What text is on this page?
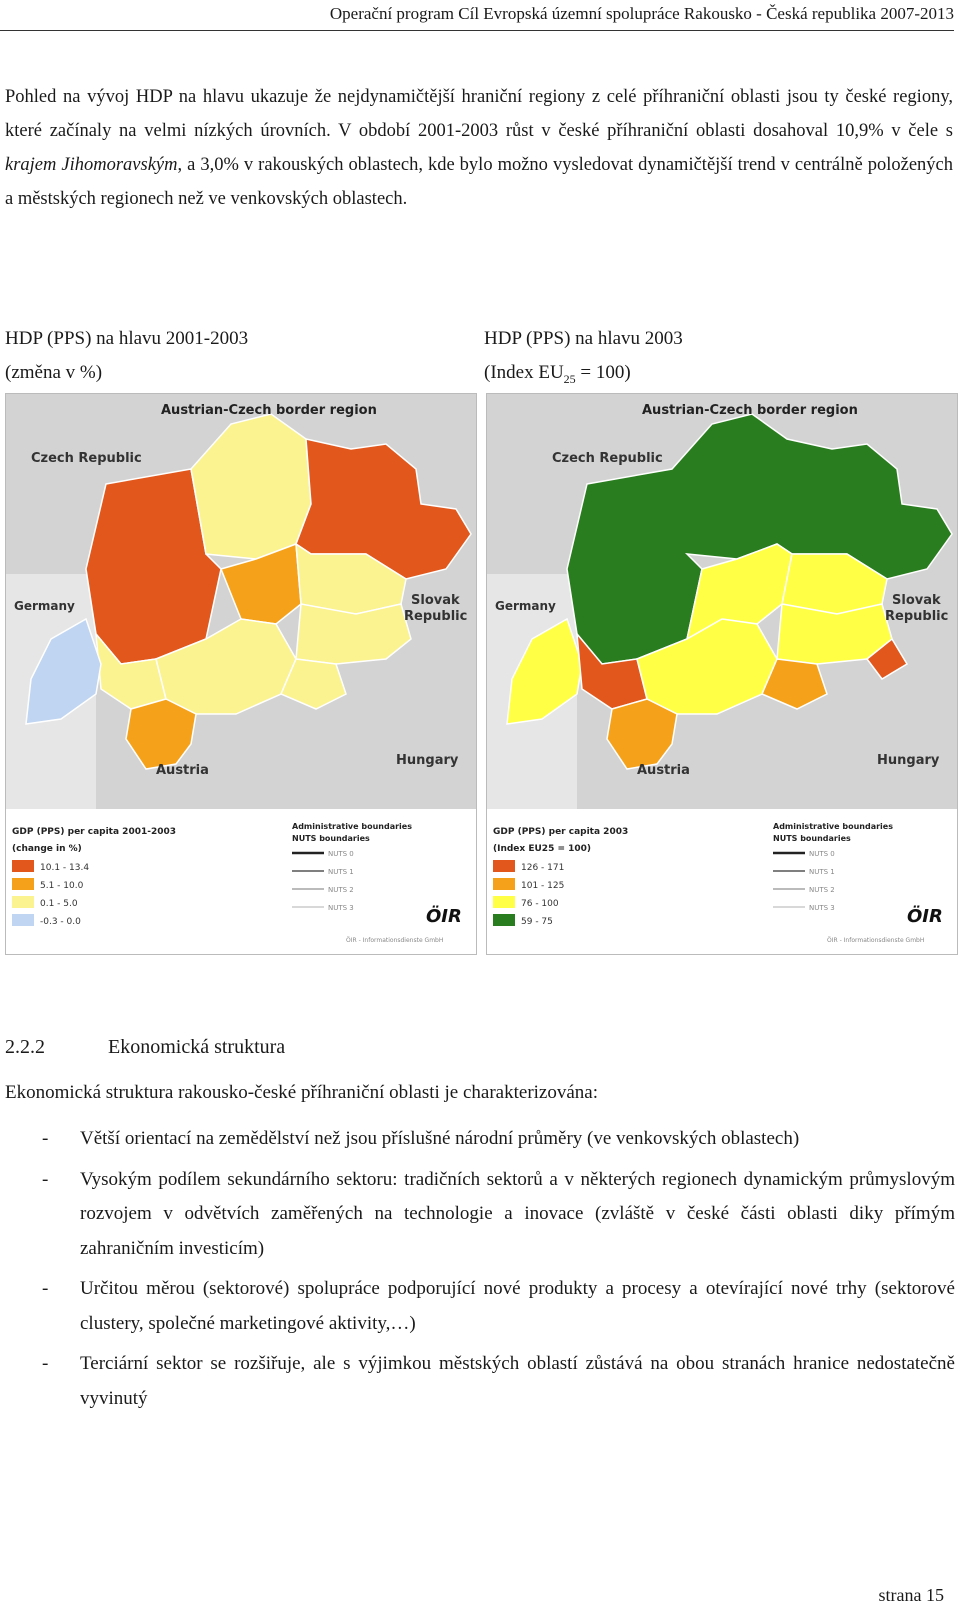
Operační program Cíl Evropská územní spolupráce Rakousko - Česká republika 2007-2013

Pohled na vývoj HDP na hlavu ukazuje že nejdynamičtější hraniční regiony z celé příhraniční oblasti jsou ty české regiony, které začínaly na velmi nízkých úrovních. V období 2001-2003 růst v české příhraniční oblasti dosahoval 10,9% v čele s krajem Jihomoravským, a 3,0% v rakouských oblastech, kde bylo možno vysledovat dynamičtější trend v centrálně položených a městských regionech než ve venkovských oblastech.

HDP (PPS) na hlavu 2001-2003
(změna v %)
HDP (PPS) na hlavu 2003
(Index $EU_{25} = 100$)
Austrian-Czech border region
Czech Republic
Germany	Slovak
Republic
Austria
Hungary
GDP (PPS) per capita 2001-2003
(change in %)
10.1 - 13.4
5.1 - 10.0
0.1 - 5.0
-0.3 - 0.0
Administrative boundaries
NUTS boundaries
NUTS 0
NUTS 1
NUTS 2
NUTS 3	ÖIR
ÖIR - Informationsdienste GmbH
Austrian-Czech border region
Czech Republic
Germany	Slovak
Republic
Austria
Hungary
GDP (PPS) per capita 2003
(Index EU25 = 100)
126 - 171
101 - 125
76 - 100
59 - 75
Administrative boundaries
NUTS boundaries
NUTS 0
NUTS 1
NUTS 2
NUTS 3	ÖIR
ÖIR - Informationsdienste GmbH
2.2.2	Ekonomická struktura
Ekonomická struktura rakousko-české příhraniční oblasti je charakterizována:
- Větší orientací na zemědělství než jsou příslušné národní průměry (ve venkovských oblastech)
- Vysokým podílem sekundárního sektoru: tradičních sektorů a v některých regionech dynamickým průmyslovým rozvojem v odvětvích zaměřených na technologie a inovace (zvláště v české části oblasti diky přímým zahraničním investicím)
- Určitou měrou (sektorové) spolupráce podporující nové produkty a procesy a otevírající nové trhy (sektorové clustery, společné marketingové aktivity,…)
- Terciární sektor se rozšiřuje, ale s výjimkou městských oblastí zůstává na obou stranách hranice nedostatečně vyvinutý
strana 15
